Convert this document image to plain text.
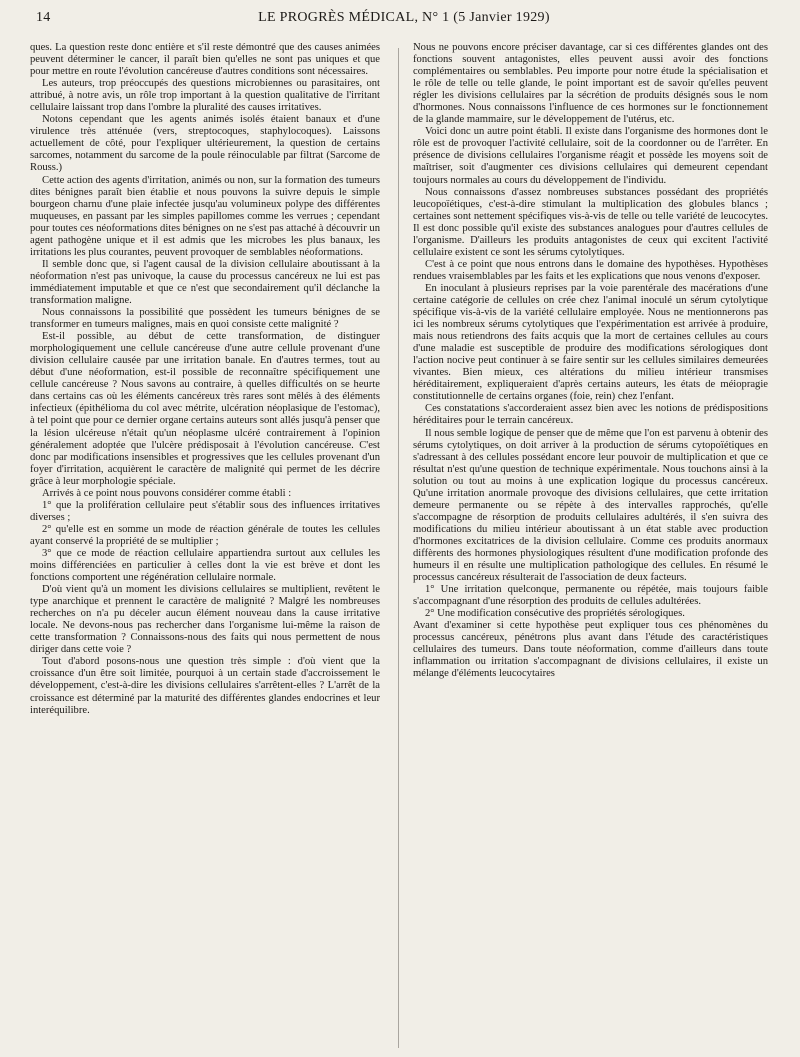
14	LE PROGRÈS MÉDICAL, N° 1 (5 Janvier 1929)

ques. La question reste donc entière et s'il reste démontré que des causes animées peuvent déterminer le cancer, il paraît bien qu'elles ne sont pas uniques et que pour mettre en route l'évolution cancéreuse d'autres conditions sont nécessaires.

Les auteurs, trop préoccupés des questions microbiennes ou parasitaires, ont attribué, à notre avis, un rôle trop important à la question qualitative de l'irritant cellulaire laissant trop dans l'ombre la pluralité des causes irritatives.

Notons cependant que les agents animés isolés étaient banaux et d'une virulence très atténuée (vers, streptocoques, staphylocoques). Laissons actuellement de côté, pour l'expliquer ultérieurement, la question de certains sarcomes, notamment du sarcome de la poule réinoculable par filtrat (Sarcome de Rouss.)

Cette action des agents d'irritation, animés ou non, sur la formation des tumeurs dites bénignes paraît bien établie et nous pouvons la suivre depuis le simple bourgeon charnu d'une plaie infectée jusqu'au volumineux polype des différentes muqueuses, en passant par les simples papillomes comme les verrues ; cependant pour toutes ces néoformations dites bénignes on ne s'est pas attaché à découvrir un agent pathogène unique et il est admis que les microbes les plus banaux, les irritations les plus courantes, peuvent provoquer de semblables néoformations.

Il semble donc que, si l'agent causal de la division cellulaire aboutissant à la néoformation n'est pas univoque, la cause du processus cancéreux ne lui est pas immédiatement imputable et que ce n'est que secondairement qu'il déclanche la transformation maligne.

Nous connaissons la possibilité que possèdent les tumeurs bénignes de se transformer en tumeurs malignes, mais en quoi consiste cette malignité ?

Est-il possible, au début de cette transformation, de distinguer morphologiquement une cellule cancéreuse d'une autre cellule provenant d'une division cellulaire causée par une irritation banale. En d'autres termes, tout au début d'une néoformation, est-il possible de reconnaître spécifiquement une cellule cancéreuse ? Nous savons au contraire, à quelles difficultés on se heurte dans certains cas où les éléments cancéreux très rares sont mêlés à des éléments infectieux (épithélioma du col avec métrite, ulcération néoplasique de l'estomac), à tel point que pour ce dernier organe certains auteurs sont allés jusqu'à penser que la lésion ulcéreuse n'était qu'un néoplasme ulcéré contrairement à l'opinion généralement adoptée que l'ulcère prédisposait à l'évolution cancéreuse. C'est donc par modifications insensibles et progressives que les cellules provenant d'un foyer d'irritation, acquièrent le caractère de malignité qui permet de les décrire grâce à leur morphologie spéciale.

Arrivés à ce point nous pouvons considérer comme établi :

1° que la prolifération cellulaire peut s'établir sous des influences irritatives diverses ;

2° qu'elle est en somme un mode de réaction générale de toutes les cellules ayant conservé la propriété de se multiplier ;

3° que ce mode de réaction cellulaire appartiendra surtout aux cellules les moins différenciées en particulier à celles dont la vie est brève et dont les fonctions comportent une régénération cellulaire normale.

D'où vient qu'à un moment les divisions cellulaires se multiplient, revêtent le type anarchique et prennent le caractère de malignité ? Malgré les nombreuses recherches on n'a pu déceler aucun élément nouveau dans la cause irritative locale. Ne devons-nous pas rechercher dans l'organisme lui-même la raison de cette transformation ? Connaissons-nous des faits qui nous permettent de nous diriger dans cette voie ?

Tout d'abord posons-nous une question très simple : d'où vient que la croissance d'un être soit limitée, pourquoi à un certain stade d'accroissement le développement, c'est-à-dire les divisions cellulaires s'arrêtent-elles ? L'arrêt de la croissance est déterminé par la maturité des différentes glandes endocrines et leur interéquilibre.

Nous ne pouvons encore préciser davantage, car si ces différentes glandes ont des fonctions souvent antagonistes, elles peuvent aussi avoir des fonctions complémentaires ou semblables. Peu importe pour notre étude la spécialisation et le rôle de telle ou telle glande, le point important est de savoir qu'elles peuvent régler les divisions cellulaires par la sécrétion de produits désignés sous le nom d'hormones. Nous connaissons l'influence de ces hormones sur le fonctionnement de la glande mammaire, sur le développement de l'utérus, etc.

Voici donc un autre point établi. Il existe dans l'organisme des hormones dont le rôle est de provoquer l'activité cellulaire, soit de la coordonner ou de l'arrêter. En présence de divisions cellulaires l'organisme réagit et possède les moyens soit de maîtriser, soit d'augmenter ces divisions cellulaires qui demeurent cependant toujours normales au cours du développement de l'individu.

Nous connaissons d'assez nombreuses substances possédant des propriétés leucopoïétiques, c'est-à-dire stimulant la multiplication des globules blancs ; certaines sont nettement spécifiques vis-à-vis de telle ou telle variété de leucocytes. Il est donc possible qu'il existe des substances analogues pour d'autres cellules de l'organisme. D'ailleurs les produits antagonistes de ceux qui excitent l'activité cellulaire existent ce sont les sérums cytolytiques.

C'est à ce point que nous entrons dans le domaine des hypothèses. Hypothèses rendues vraisemblables par les faits et les explications que nous venons d'exposer.

En inoculant à plusieurs reprises par la voie parentérale des macérations d'une certaine catégorie de cellules on crée chez l'animal inoculé un sérum cytolytique spécifique vis-à-vis de la variété cellulaire employée. Nous ne mentionnerons pas ici les nombreux sérums cytolytiques que l'expérimentation est arrivée à produire, mais nous retiendrons des faits acquis que la mort de certaines cellules au cours d'une maladie est susceptible de produire des modifications sérologiques dont l'action nocive peut continuer à se faire sentir sur les cellules similaires demeurées vivantes. Bien mieux, ces altérations du milieu intérieur transmises héréditairement, expliqueraient d'après certains auteurs, les états de méiopragie constitutionnelle de certains organes (foie, rein) chez l'enfant.

Ces constatations s'accorderaient assez bien avec les notions de prédispositions héréditaires pour le terrain cancéreux.

Il nous semble logique de penser que de même que l'on est parvenu à obtenir des sérums cytolytiques, on doit arriver à la production de sérums cytopoïétiques en s'adressant à des cellules possédant encore leur pouvoir de multiplication et que ce résultat n'est qu'une question de technique expérimentale. Nous touchons ainsi à la solution ou tout au moins à une explication logique du processus cancéreux. Qu'une irritation anormale provoque des divisions cellulaires, que cette irritation demeure permanente ou se répète à des intervalles rapprochés, qu'elle s'accompagne de résorption de produits cellulaires adultérés, il s'en suivra des modifications du milieu intérieur aboutissant à un état stable avec production d'hormones excitatrices de la division cellulaire. Comme ces produits anormaux diffèrents des hormones physiologiques résultent d'une modification profonde des humeurs il en résulte une multiplication pathologique des cellules. En résumé le processus cancéreux résulterait de l'association de deux facteurs.

1° Une irritation quelconque, permanente ou répétée, mais toujours faible s'accompagnant d'une résorption des produits de cellules adultérées.

2° Une modification consécutive des propriétés sérologiques.

Avant d'examiner si cette hypothèse peut expliquer tous ces phénomènes du processus cancéreux, pénétrons plus avant dans l'étude des caractéristiques cellulaires des tumeurs. Dans toute néoformation, comme d'ailleurs dans toute inflammation ou irritation s'accompagnant de divisions cellulaires, il existe un mélange d'éléments leucocytaires
